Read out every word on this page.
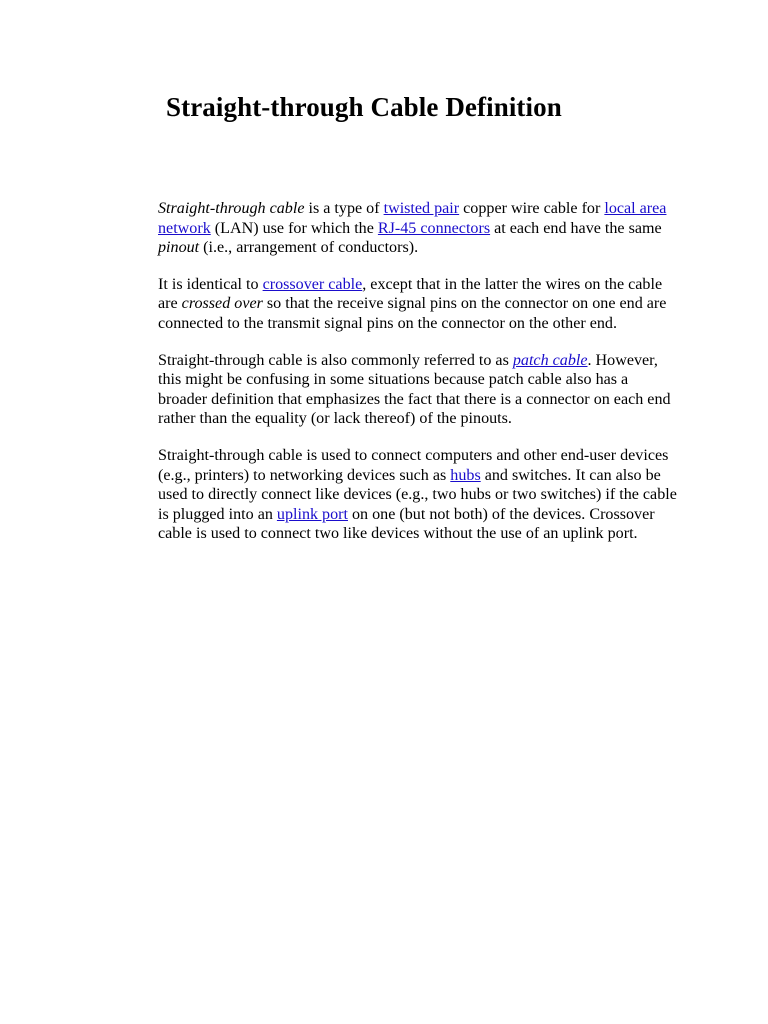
Straight-through Cable Definition

Straight-through cable is a type of twisted pair copper wire cable for local area network (LAN) use for which the RJ-45 connectors at each end have the same pinout (i.e., arrangement of conductors).

It is identical to crossover cable, except that in the latter the wires on the cable are crossed over so that the receive signal pins on the connector on one end are connected to the transmit signal pins on the connector on the other end.

Straight-through cable is also commonly referred to as patch cable. However, this might be confusing in some situations because patch cable also has a broader definition that emphasizes the fact that there is a connector on each end rather than the equality (or lack thereof) of the pinouts.

Straight-through cable is used to connect computers and other end-user devices (e.g., printers) to networking devices such as hubs and switches. It can also be used to directly connect like devices (e.g., two hubs or two switches) if the cable is plugged into an uplink port on one (but not both) of the devices. Crossover cable is used to connect two like devices without the use of an uplink port.
